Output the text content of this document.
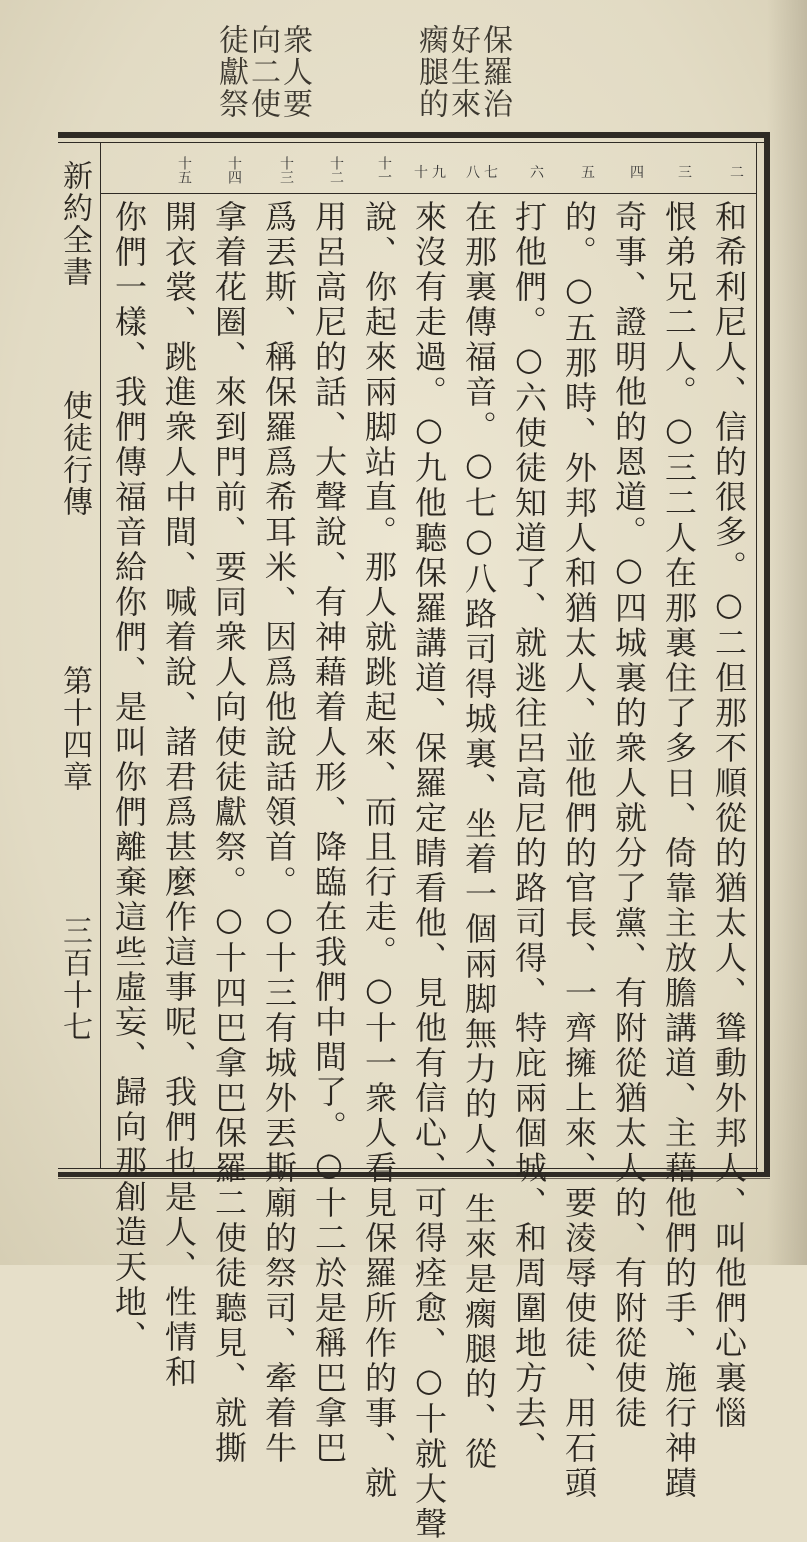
保羅治
好生來
瘸腿的
衆人要
向二使
徒獻祭
二
三
四
五
六
七
八
九
十
十一
十二
十三
十四
十五
和希利尼人、信的很多。○二但那不順從的猶太人、聳動外邦人、叫他們心裏惱
恨弟兄二人。○三二人在那裏住了多日、倚靠主放膽講道、主藉他們的手、施行神蹟
奇事、證明他的恩道。○四城裏的衆人就分了黨、有附從猶太人的、有附從使徒
的。○五那時、外邦人和猶太人、並他們的官長、一齊擁上來、要淩辱使徒、用石頭
打他們。○六使徒知道了、就逃往呂高尼的路司得、特庇兩個城、和周圍地方去、
在那裏傳福音。○七○八路司得城裏、坐着一個兩脚無力的人、生來是瘸腿的、從
來沒有走過。○九他聽保羅講道、保羅定睛看他、見他有信心、可得痊愈、○十就大聲
說、你起來兩脚站直。那人就跳起來、而且行走。○十一衆人看見保羅所作的事、就
用呂高尼的話、大聲說、有神藉着人形、降臨在我們中間了。○十二於是稱巴拿巴
爲丟斯、稱保羅爲希耳米、因爲他說話領首。○十三有城外丟斯廟的祭司、牽着牛
拿着花圈、來到門前、要同衆人向使徒獻祭。○十四巴拿巴保羅二使徒聽見、就撕
開衣裳、跳進衆人中間、喊着說、諸君爲甚麼作這事呢、我們也是人、性情和
你們一樣、我們傳福音給你們、是叫你們離棄這些虛妄、歸向那創造天地、
新約全書
使徒行傳
第十四章
三百十七
